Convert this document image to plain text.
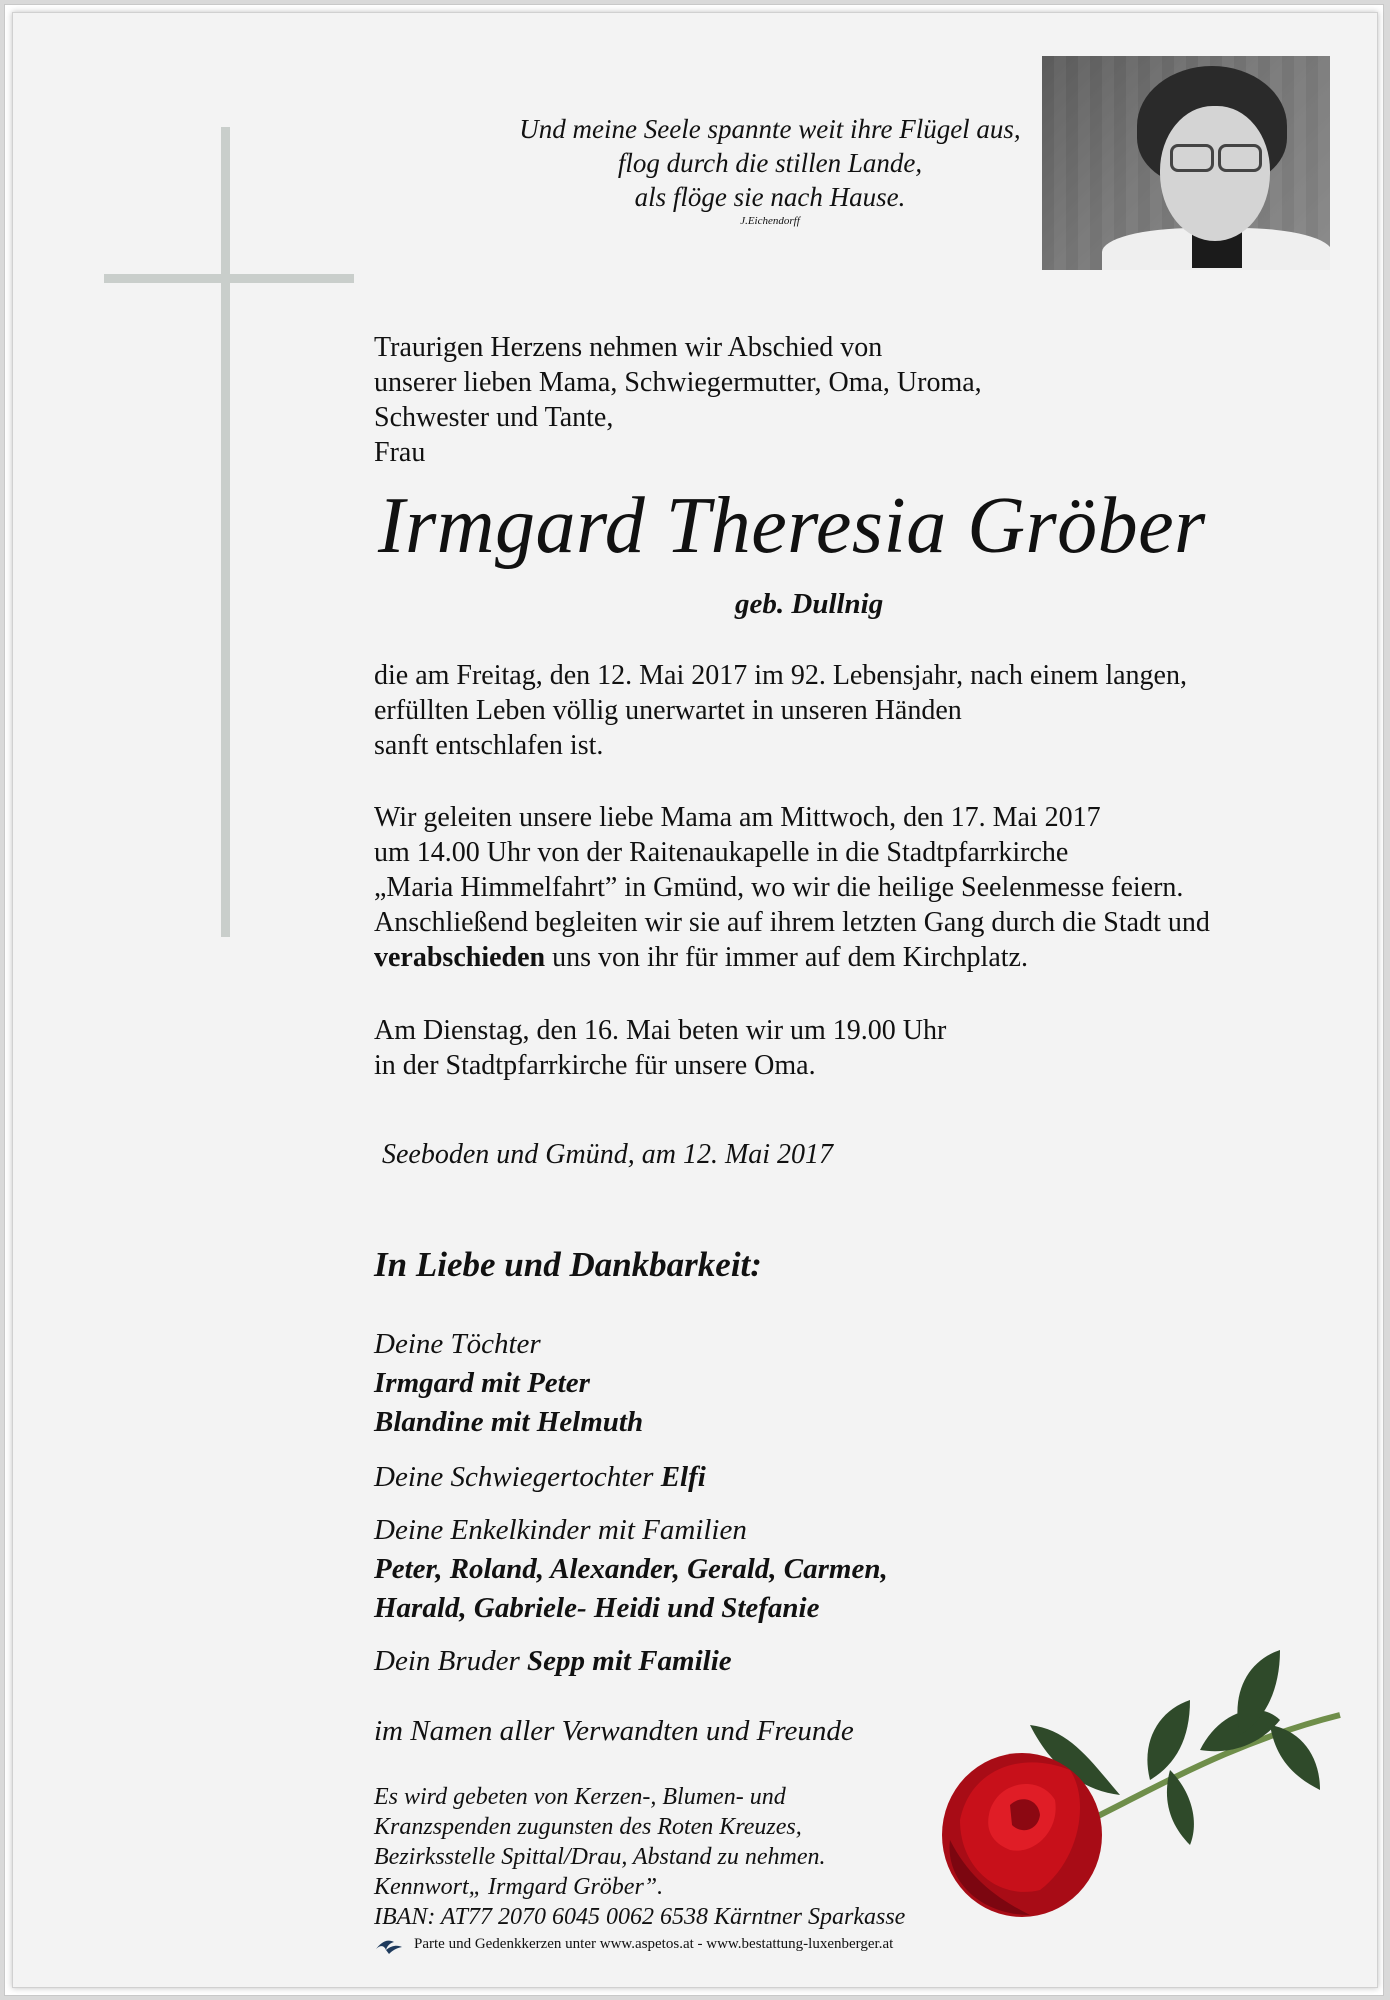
Und meine Seele spannte weit ihre Flügel aus,
flog durch die stillen Lande,
als flöge sie nach Hause.
J.Eichendorff
Traurigen Herzens nehmen wir Abschied von
unserer lieben Mama, Schwiegermutter, Oma, Uroma,
Schwester und Tante,
Frau
Irmgard Theresia Gröber
geb. Dullnig
die am Freitag, den 12. Mai 2017 im 92. Lebensjahr, nach einem langen,
erfüllten Leben völlig unerwartet in unseren Händen
sanft entschlafen ist.
Wir geleiten unsere liebe Mama am Mittwoch, den 17. Mai 2017
um 14.00 Uhr von der Raitenaukapelle in die Stadtpfarrkirche
„Maria Himmelfahrt” in Gmünd, wo wir die heilige Seelenmesse feiern.
Anschließend begleiten wir sie auf ihrem letzten Gang durch die Stadt und
verabschieden uns von ihr für immer auf dem Kirchplatz.
Am Dienstag, den 16. Mai beten wir um 19.00 Uhr
in der Stadtpfarrkirche für unsere Oma.
Seeboden und Gmünd, am 12. Mai 2017
In Liebe und Dankbarkeit:
Deine Töchter
Irmgard mit Peter
Blandine mit Helmuth
Deine Schwiegertochter Elfi
Deine Enkelkinder mit Familien
Peter, Roland, Alexander, Gerald, Carmen,
Harald, Gabriele- Heidi und Stefanie
Dein Bruder Sepp mit Familie
im Namen aller Verwandten und Freunde
Es wird gebeten von Kerzen-, Blumen- und
Kranzspenden zugunsten des Roten Kreuzes,
Bezirksstelle Spittal/Drau, Abstand zu nehmen.
Kennwort„ Irmgard Gröber”.
IBAN: AT77 2070 6045 0062 6538 Kärntner Sparkasse
Parte und Gedenkkerzen unter www.aspetos.at - www.bestattung-luxenberger.at
